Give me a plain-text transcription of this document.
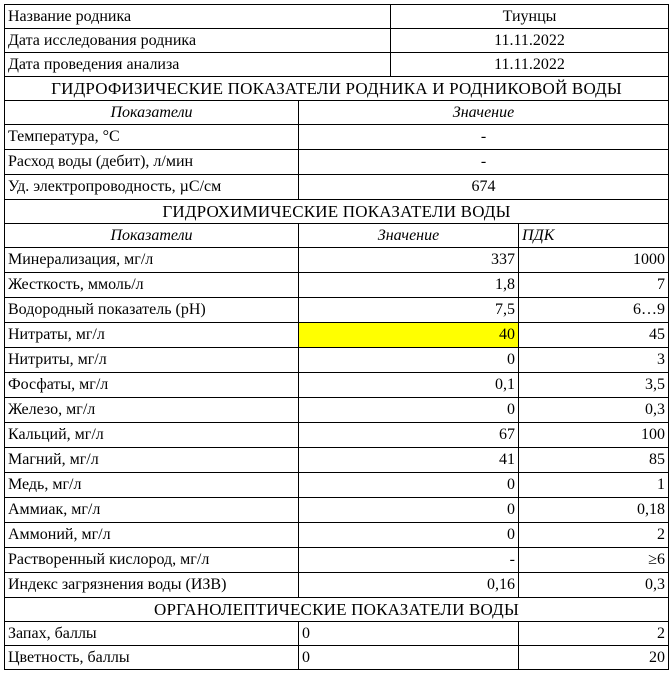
Название родника		Тиунцы	
Дата исследования родника		11.11.2022	
Дата проведения анализа		11.11.2022	
ГИДРОФИЗИЧЕСКИЕ ПОКАЗАТЕЛИ РОДНИКА И РОДНИКОВОЙ ВОДЫ			
Показатели	Значение		
Температура, °С	-		
Расход воды (дебит), л/мин	-		
Уд. электропроводность, µС/см	674		
ГИДРОХИМИЧЕСКИЕ ПОКАЗАТЕЛИ ВОДЫ			
Показатели	Значение		ПДК
Минерализация, мг/л	337		1000
Жесткость, ммоль/л	1,8		7
Водородный показатель (рН)	7,5		6…9
Нитраты, мг/л	40		45
Нитриты, мг/л	0		3
Фосфаты, мг/л	0,1		3,5
Железо, мг/л	0		0,3
Кальций, мг/л	67		100
Магний, мг/л	41		85
Медь, мг/л	0		1
Аммиак, мг/л	0		0,18
Аммоний, мг/л	0		2
Растворенный кислород, мг/л	-		≥6
Индекс загрязнения воды (ИЗВ)	0,16		0,3
ОРГАНОЛЕПТИЧЕСКИЕ ПОКАЗАТЕЛИ ВОДЫ			
Запах, баллы	0		2
Цветность, баллы	0		20
